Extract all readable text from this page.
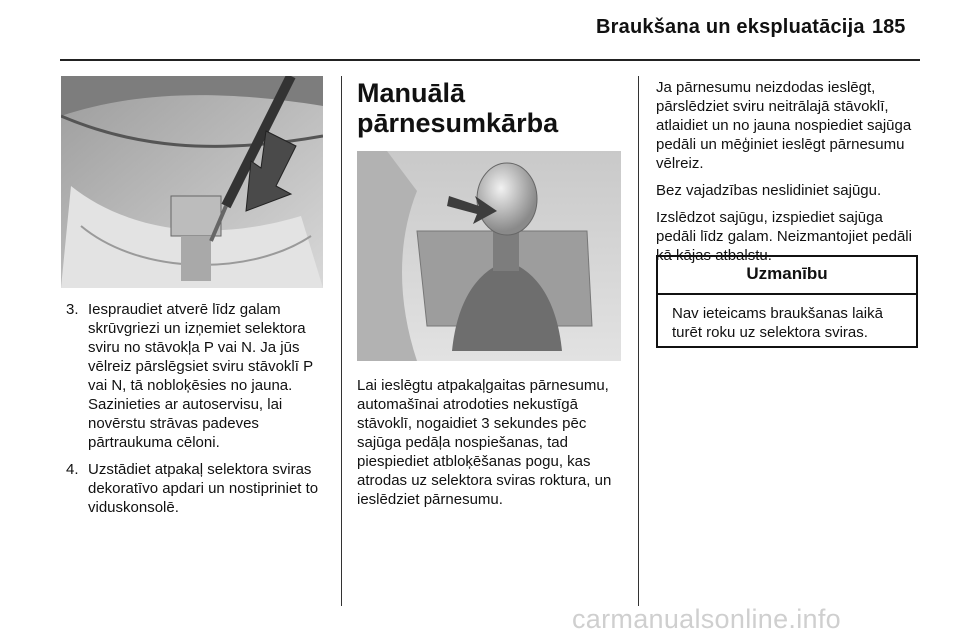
Braukšana un ekspluatācija 185
3. Iespraudiet atverē līdz galam skrūvgriezi un izņemiet selektora sviru no stāvokļa P vai N. Ja jūs vēlreiz pārslēgsiet sviru stāvoklī P vai N, tā nobloķēsies no jauna. Sazinieties ar autoservisu, lai novērstu strāvas padeves pārtraukuma cēloni.
4. Uzstādiet atpakaļ selektora sviras dekoratīvo apdari un nostipriniet to viduskonsolē.
Manuālā pārnesumkārba
Lai ieslēgtu atpakaļgaitas pārnesumu, automašīnai atrodoties nekustīgā stāvoklī, nogaidiet 3 sekundes pēc sajūga pedāļa nospiešanas, tad piespiediet atbloķēšanas pogu, kas atrodas uz selektora sviras roktura, un ieslēdziet pārnesumu.

Ja pārnesumu neizdodas ieslēgt, pārslēdziet sviru neitrālajā stāvoklī, atlaidiet un no jauna nospiediet sajūga pedāli un mēģiniet ieslēgt pārnesumu vēlreiz.

Bez vajadzības neslidiniet sajūgu.

Izslēdzot sajūgu, izspiediet sajūga pedāli līdz galam. Neizmantojiet pedāli kā kājas atbalstu.

Uzmanību
Nav ieteicams braukšanas laikā turēt roku uz selektora sviras.
carmanualsonline.info
